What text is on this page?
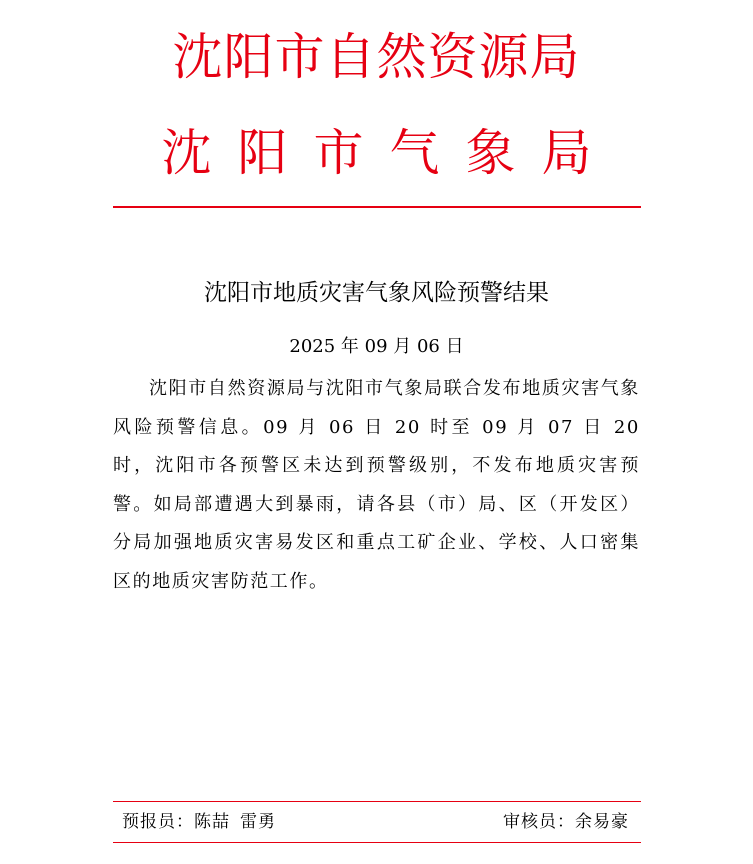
沈阳市自然资源局
沈阳市气象局
沈阳市地质灾害气象风险预警结果
2025 年 09 月 06 日

沈阳市自然资源局与沈阳市气象局联合发布地质灾害气象风险预警信息。09 月 06 日 20 时至 09 月 07 日 20 时，沈阳市各预警区未达到预警级别，不发布地质灾害预警。如局部遭遇大到暴雨，请各县（市）局、区（开发区）分局加强地质灾害易发区和重点工矿企业、学校、人口密集区的地质灾害防范工作。

预报员：陈喆 雷勇	审核员：余易豪
